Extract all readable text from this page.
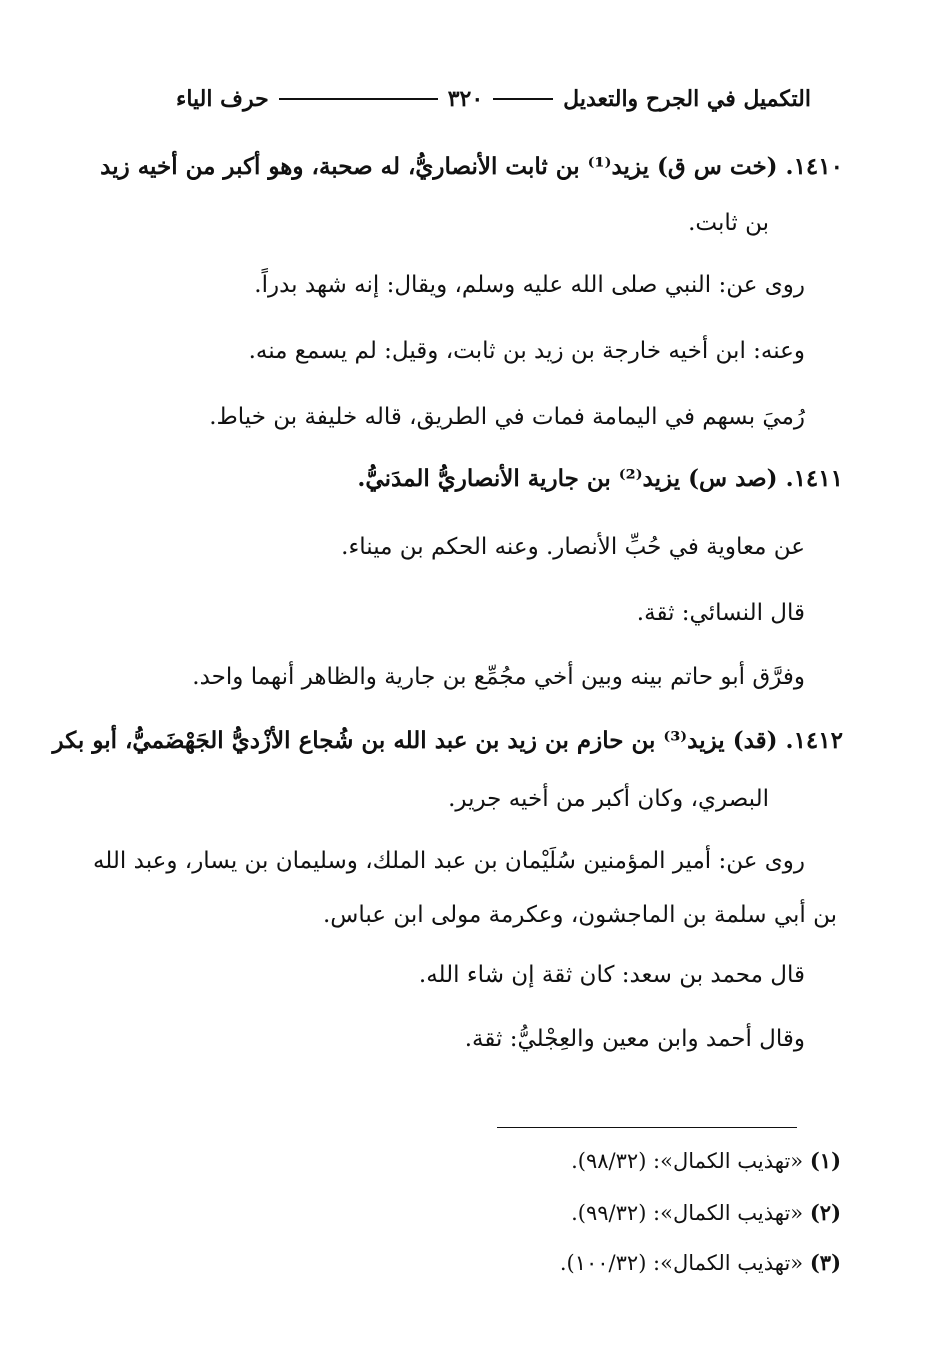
التكميل في الجرح والتعديل
٣٢٠
حرف الياء
١٤١٠. (خت س ق) يزيد⁽¹⁾ بن ثابت الأنصاريُّ، له صحبة، وهو أكبر من أخيه زيد
بن ثابت.
روى عن: النبي صلى الله عليه وسلم، ويقال: إنه شهد بدراً.
وعنه: ابن أخيه خارجة بن زيد بن ثابت، وقيل: لم يسمع منه.
رُميَ بسهم في اليمامة فمات في الطريق، قاله خليفة بن خياط.
١٤١١. (صد س) يزيد⁽²⁾ بن جارية الأنصاريُّ المدَنيُّ.
عن معاوية في حُبِّ الأنصار. وعنه الحكم بن ميناء.
قال النسائي: ثقة.
وفرَّق أبو حاتم بينه وبين أخي مجُمِّع بن جارية والظاهر أنهما واحد.
١٤١٢. (قد) يزيد⁽³⁾ بن حازم بن زيد بن عبد الله بن شُجاع الأزْديُّ الجَهْضَميُّ، أبو بكر
البصري، وكان أكبر من أخيه جرير.
روى عن: أمير المؤمنين سُلَيْمان بن عبد الملك، وسليمان بن يسار، وعبد الله
بن أبي سلمة بن الماجشون، وعكرمة مولى ابن عباس.
قال محمد بن سعد: كان ثقة إن شاء الله.
وقال أحمد وابن معين والعِجْليُّ: ثقة.
(١) «تهذيب الكمال»: (٩٨/٣٢).
(٢) «تهذيب الكمال»: (٩٩/٣٢).
(٣) «تهذيب الكمال»: (١٠٠/٣٢).
